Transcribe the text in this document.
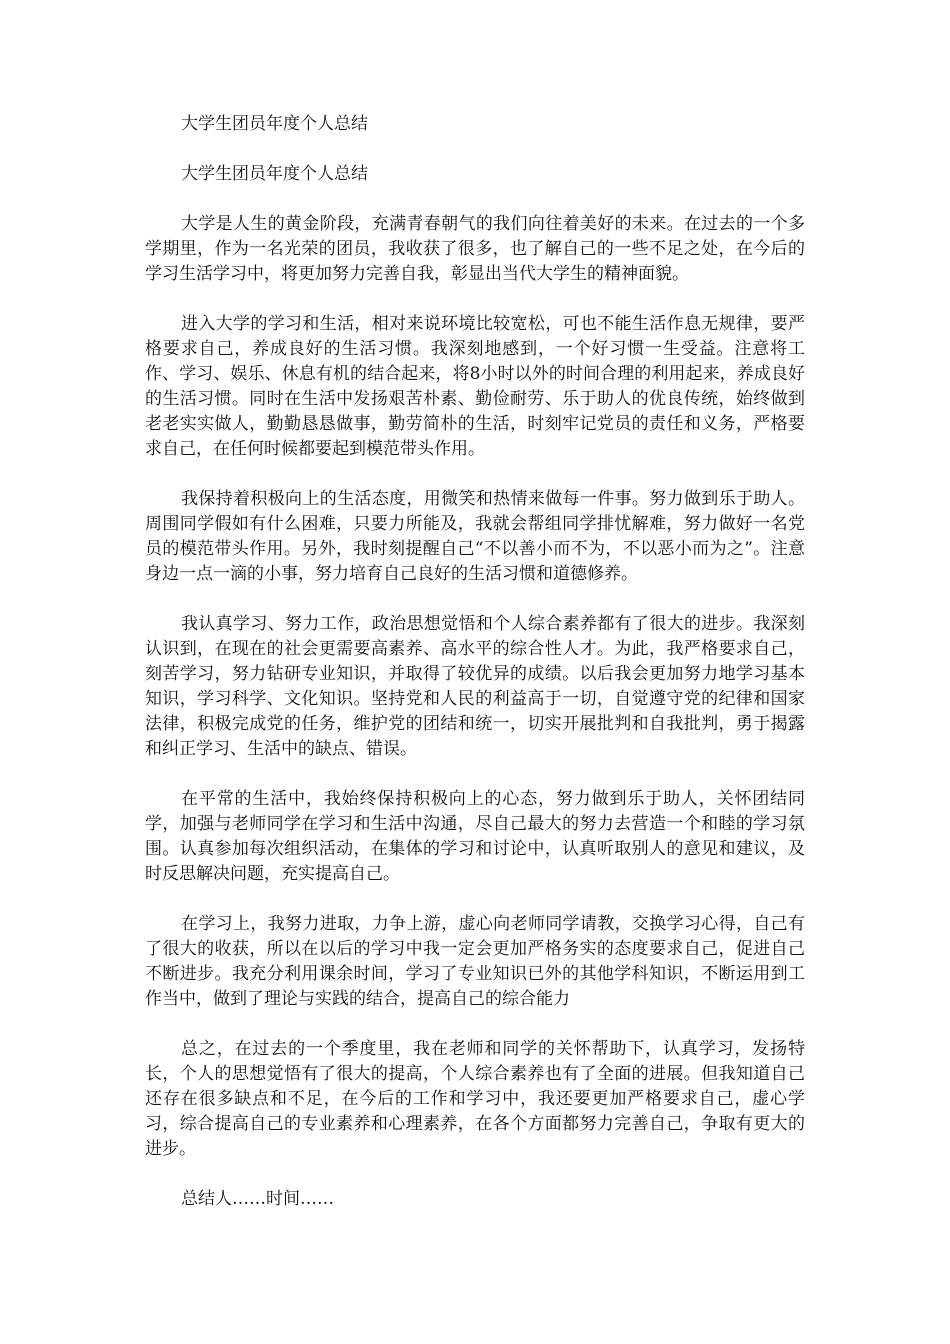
大学生团员年度个人总结

大学生团员年度个人总结

大学是人生的黄金阶段，充满青春朝气的我们向往着美好的未来。在过去的一个多学期里，作为一名光荣的团员，我收获了很多，也了解自己的一些不足之处，在今后的学习生活学习中，将更加努力完善自我，彰显出当代大学生的精神面貌。

进入大学的学习和生活，相对来说环境比较宽松，可也不能生活作息无规律，要严格要求自己，养成良好的生活习惯。我深刻地感到，一个好习惯一生受益。注意将工作、学习、娱乐、休息有机的结合起来，将8小时以外的时间合理的利用起来，养成良好的生活习惯。同时在生活中发扬艰苦朴素、勤俭耐劳、乐于助人的优良传统，始终做到老老实实做人，勤勤恳恳做事，勤劳简朴的生活，时刻牢记党员的责任和义务，严格要求自己，在任何时候都要起到模范带头作用。

我保持着积极向上的生活态度，用微笑和热情来做每一件事。努力做到乐于助人。周围同学假如有什么困难，只要力所能及，我就会帮组同学排忧解难，努力做好一名党员的模范带头作用。另外，我时刻提醒自己“不以善小而不为，不以恶小而为之”。注意身边一点一滴的小事，努力培育自己良好的生活习惯和道德修养。

我认真学习、努力工作，政治思想觉悟和个人综合素养都有了很大的进步。我深刻认识到，在现在的社会更需要高素养、高水平的综合性人才。为此，我严格要求自己，刻苦学习，努力钻研专业知识，并取得了较优异的成绩。以后我会更加努力地学习基本知识，学习科学、文化知识。坚持党和人民的利益高于一切，自觉遵守党的纪律和国家法律，积极完成党的任务，维护党的团结和统一，切实开展批判和自我批判，勇于揭露和纠正学习、生活中的缺点、错误。

在平常的生活中，我始终保持积极向上的心态，努力做到乐于助人，关怀团结同学，加强与老师同学在学习和生活中沟通，尽自己最大的努力去营造一个和睦的学习氛围。认真参加每次组织活动，在集体的学习和讨论中，认真听取别人的意见和建议，及时反思解决问题，充实提高自己。

在学习上，我努力进取，力争上游，虚心向老师同学请教，交换学习心得，自己有了很大的收获，所以在以后的学习中我一定会更加严格务实的态度要求自己，促进自己不断进步。我充分利用课余时间，学习了专业知识已外的其他学科知识，不断运用到工作当中，做到了理论与实践的结合，提高自己的综合能力

总之，在过去的一个季度里，我在老师和同学的关怀帮助下，认真学习，发扬特长，个人的思想觉悟有了很大的提高，个人综合素养也有了全面的进展。但我知道自己还存在很多缺点和不足，在今后的工作和学习中，我还要更加严格要求自己，虚心学习，综合提高自己的专业素养和心理素养，在各个方面都努力完善自己，争取有更大的进步。

总结人……时间……
